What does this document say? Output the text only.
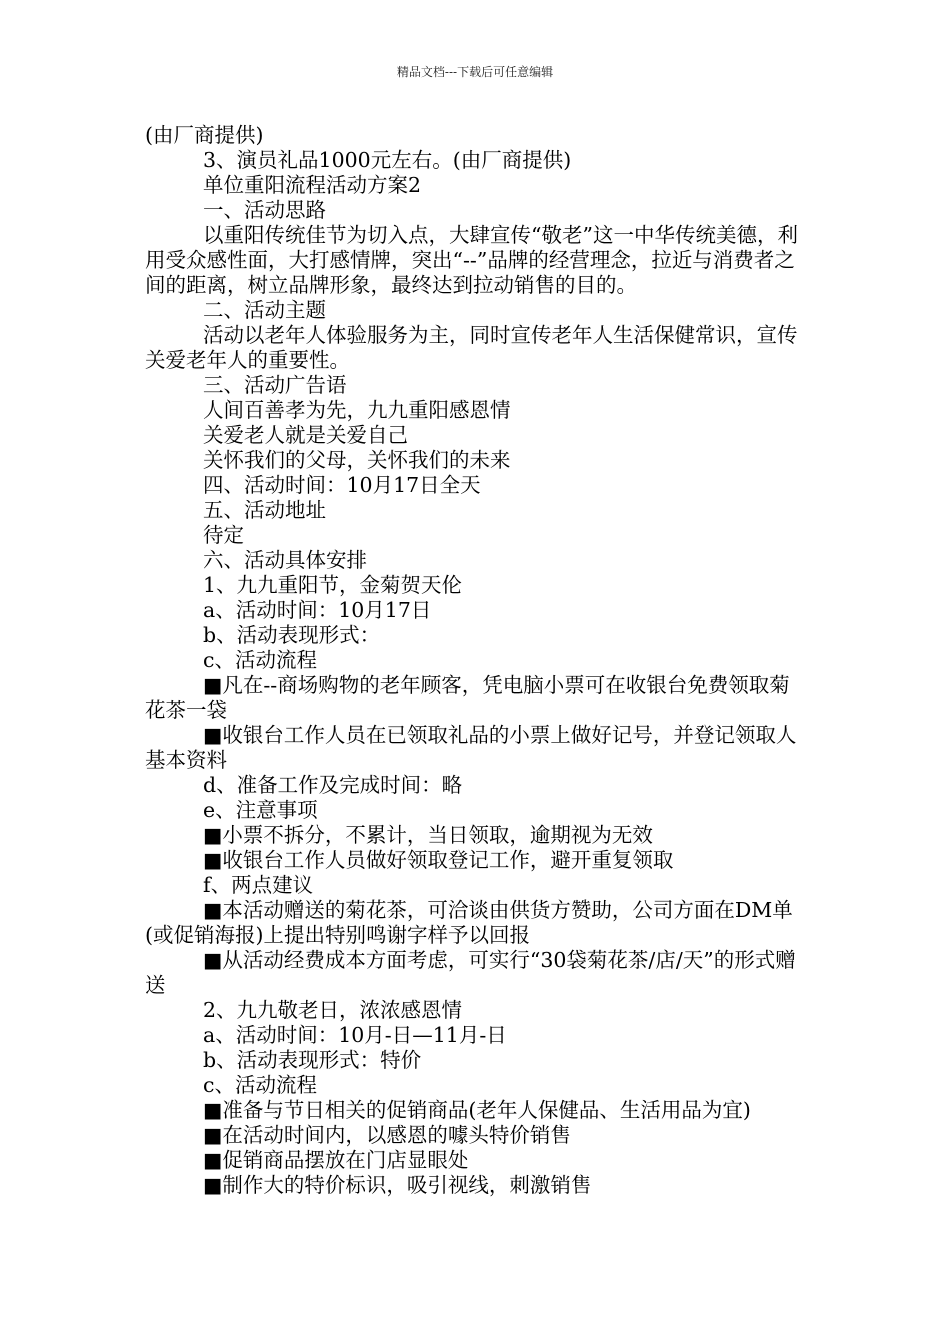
精品文档---下载后可任意编辑

(由厂商提供)

3、演员礼品1000元左右。(由厂商提供)

单位重阳流程活动方案2

一、活动思路

以重阳传统佳节为切入点，大肆宣传“敬老”这一中华传统美德，利用受众感性面，大打感情牌，突出“--”品牌的经营理念，拉近与消费者之间的距离，树立品牌形象，最终达到拉动销售的目的。

二、活动主题

活动以老年人体验服务为主，同时宣传老年人生活保健常识，宣传关爱老年人的重要性。

三、活动广告语

人间百善孝为先，九九重阳感恩情

关爱老人就是关爱自己

关怀我们的父母，关怀我们的未来

四、活动时间：10月17日全天

五、活动地址

待定

六、活动具体安排

1、九九重阳节，金菊贺天伦

a、活动时间：10月17日

b、活动表现形式：

c、活动流程

■凡在--商场购物的老年顾客，凭电脑小票可在收银台免费领取菊花茶一袋

■收银台工作人员在已领取礼品的小票上做好记号，并登记领取人基本资料

d、准备工作及完成时间：略

e、注意事项

■小票不拆分，不累计，当日领取，逾期视为无效

■收银台工作人员做好领取登记工作，避开重复领取

f、两点建议

■本活动赠送的菊花茶，可洽谈由供货方赞助，公司方面在DM单(或促销海报)上提出特别鸣谢字样予以回报

■从活动经费成本方面考虑，可实行“30袋菊花茶/店/天”的形式赠送

2、九九敬老日，浓浓感恩情

a、活动时间：10月-日—11月-日

b、活动表现形式：特价

c、活动流程

■准备与节日相关的促销商品(老年人保健品、生活用品为宜)

■在活动时间内，以感恩的噱头特价销售

■促销商品摆放在门店显眼处

■制作大的特价标识，吸引视线，刺激销售
